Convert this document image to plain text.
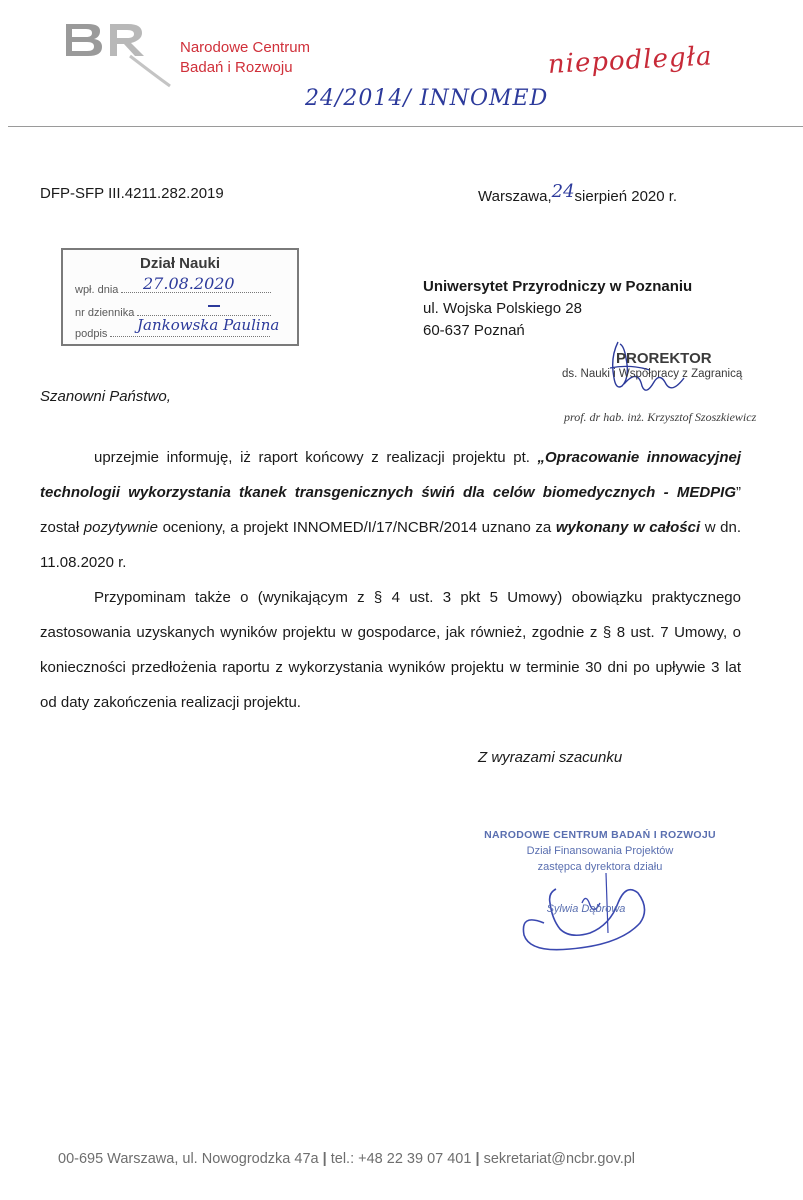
Narodowe Centrum
Badań i Rozwoju	niepodległa
24/2014/ INNOMED
DFP-SFP III.4211.282.2019	Warszawa,24sierpień 2020 r.
Dział Nauki
wpł. dnia	27.08.2020
nr dziennika
podpis	Jankowska Paulina
Uniwersytet Przyrodniczy w Poznaniu
ul. Wojska Polskiego 28
60-637 Poznań
PROREKTOR
ds. Nauki i Współpracy z Zagranicą
prof. dr hab. inż. Krzysztof Szoszkiewicz
Szanowni Państwo,

uprzejmie informuję, iż raport końcowy z realizacji projektu pt. „Opracowanie innowacyjnej technologii wykorzystania tkanek transgenicznych świń dla celów biomedycznych - MEDPIG” został pozytywnie oceniony, a projekt INNOMED/I/17/NCBR/2014 uznano za wykonany w całości w dn. 11.08.2020 r.

Przypominam także o (wynikającym z § 4 ust. 3 pkt 5 Umowy) obowiązku praktycznego zastosowania uzyskanych wyników projektu w gospodarce, jak również, zgodnie z § 8 ust. 7 Umowy, o konieczności przedłożenia raportu z wykorzystania wyników projektu w terminie 30 dni po upływie 3 lat od daty zakończenia realizacji projektu.

Z wyrazami szacunku
NARODOWE CENTRUM BADAŃ I ROZWOJU
Dział Finansowania Projektów
zastępca dyrektora działu
Sylwia Dąbrowa
00-695 Warszawa, ul. Nowogrodzka 47a | tel.: +48 22 39 07 401 | sekretariat@ncbr.gov.pl
